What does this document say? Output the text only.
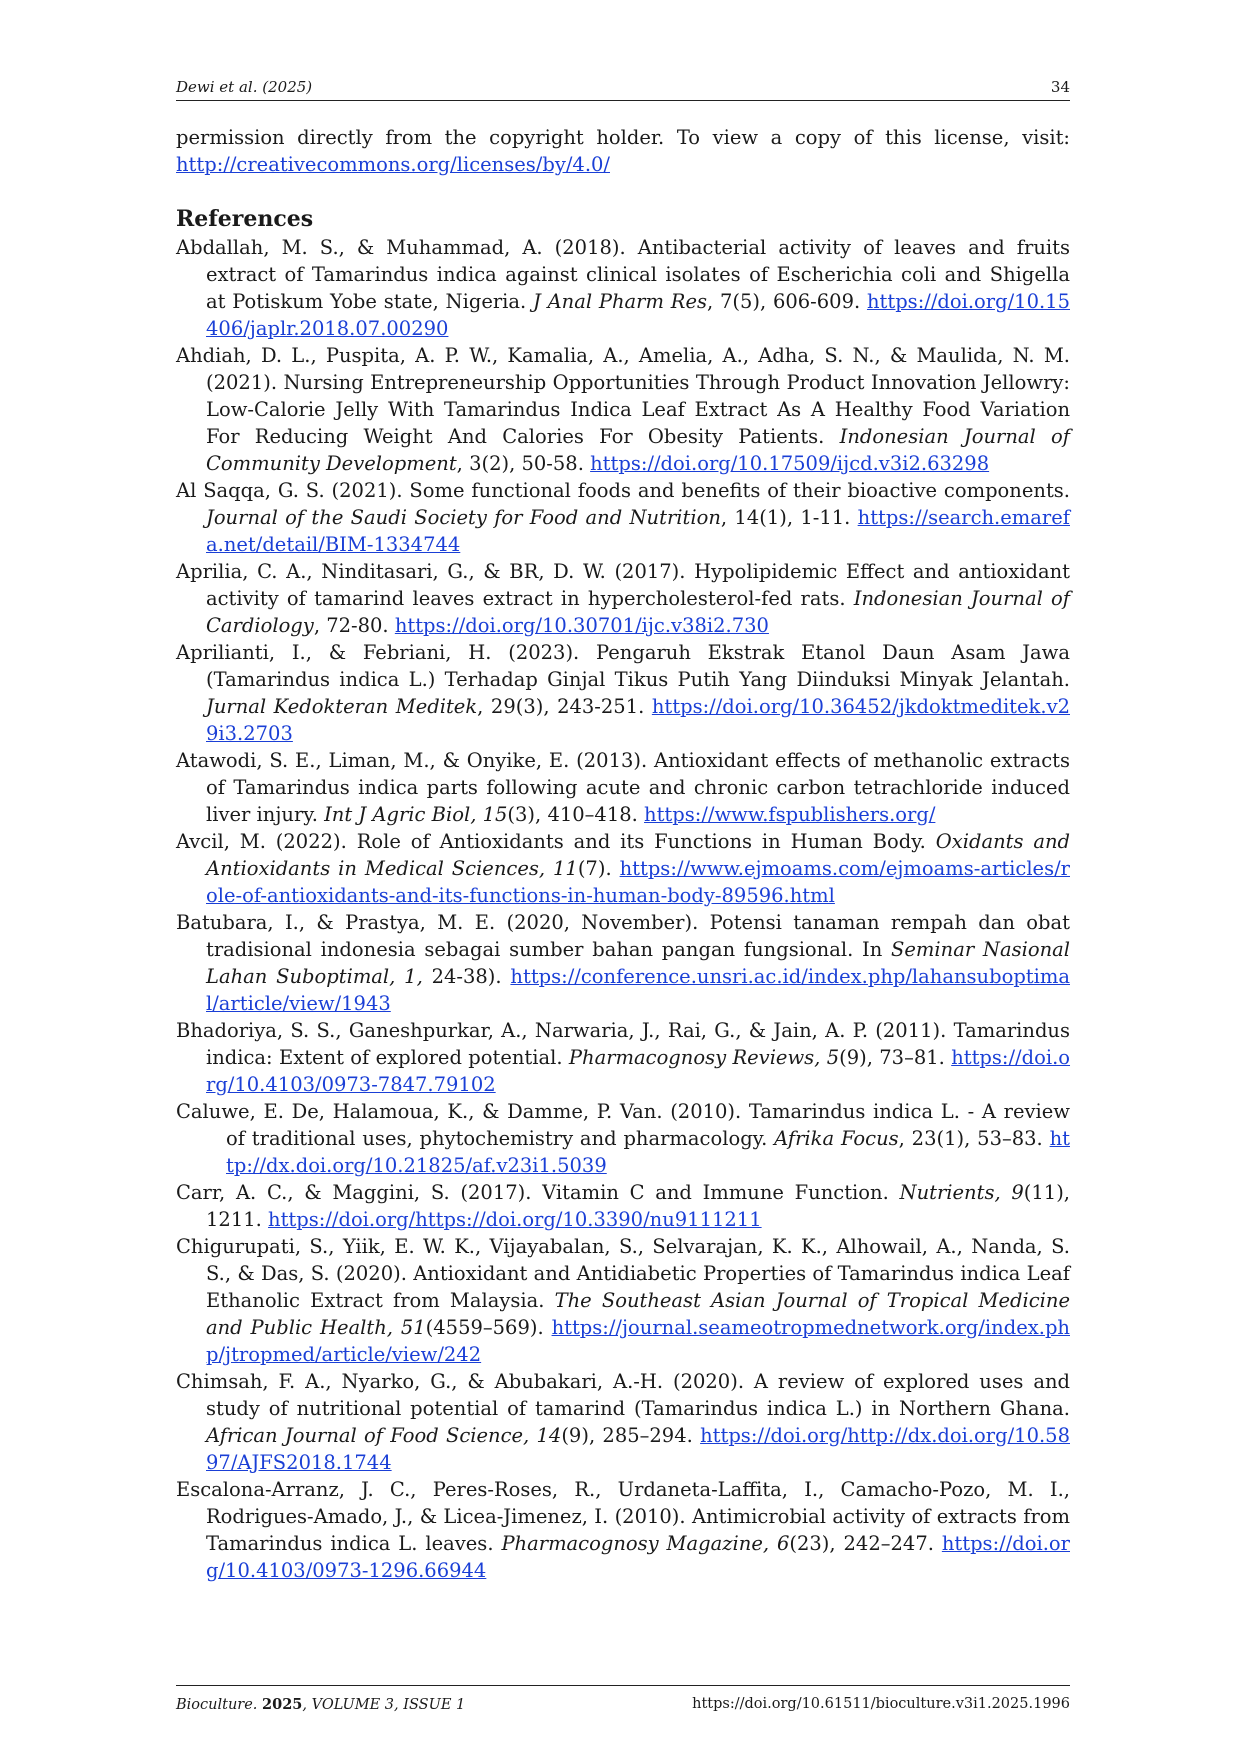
Dewi et al. (2025)	34
permission directly from the copyright holder. To view a copy of this license, visit: http://creativecommons.org/licenses/by/4.0/
References

Abdallah, M. S., & Muhammad, A. (2018). Antibacterial activity of leaves and fruits extract of Tamarindus indica against clinical isolates of Escherichia coli and Shigella at Potiskum Yobe state, Nigeria. J Anal Pharm Res, 7(5), 606-609. https://doi.org/10.15406/japlr.2018.07.00290

Ahdiah, D. L., Puspita, A. P. W., Kamalia, A., Amelia, A., Adha, S. N., & Maulida, N. M. (2021). Nursing Entrepreneurship Opportunities Through Product Innovation Jellowry: Low-Calorie Jelly With Tamarindus Indica Leaf Extract As A Healthy Food Variation For Reducing Weight And Calories For Obesity Patients. Indonesian Journal of Community Development, 3(2), 50-58. https://doi.org/10.17509/ijcd.v3i2.63298

Al Saqqa, G. S. (2021). Some functional foods and benefits of their bioactive components. Journal of the Saudi Society for Food and Nutrition, 14(1), 1-11. https://search.emarefa.net/detail/BIM-1334744

Aprilia, C. A., Ninditasari, G., & BR, D. W. (2017). Hypolipidemic Effect and antioxidant activity of tamarind leaves extract in hypercholesterol-fed rats. Indonesian Journal of Cardiology, 72-80. https://doi.org/10.30701/ijc.v38i2.730

Aprilianti, I., & Febriani, H. (2023). Pengaruh Ekstrak Etanol Daun Asam Jawa (Tamarindus indica L.) Terhadap Ginjal Tikus Putih Yang Diinduksi Minyak Jelantah. Jurnal Kedokteran Meditek, 29(3), 243-251. https://doi.org/10.36452/jkdoktmeditek.v29i3.2703

Atawodi, S. E., Liman, M., & Onyike, E. (2013). Antioxidant effects of methanolic extracts of Tamarindus indica parts following acute and chronic carbon tetrachloride induced liver injury. Int J Agric Biol, 15(3), 410–418. https://www.fspublishers.org/

Avcil, M. (2022). Role of Antioxidants and its Functions in Human Body. Oxidants and Antioxidants in Medical Sciences, 11(7). https://www.ejmoams.com/ejmoams-articles/role-of-antioxidants-and-its-functions-in-human-body-89596.html

Batubara, I., & Prastya, M. E. (2020, November). Potensi tanaman rempah dan obat tradisional indonesia sebagai sumber bahan pangan fungsional. In Seminar Nasional Lahan Suboptimal, 1, 24-38). https://conference.unsri.ac.id/index.php/lahansuboptimal/article/view/1943

Bhadoriya, S. S., Ganeshpurkar, A., Narwaria, J., Rai, G., & Jain, A. P. (2011). Tamarindus indica: Extent of explored potential. Pharmacognosy Reviews, 5(9), 73–81. https://doi.org/10.4103/0973-7847.79102

Caluwe, E. De, Halamoua, K., & Damme, P. Van. (2010). Tamarindus indica L. - A review of traditional uses, phytochemistry and pharmacology. Afrika Focus, 23(1), 53–83. http://dx.doi.org/10.21825/af.v23i1.5039

Carr, A. C., & Maggini, S. (2017). Vitamin C and Immune Function. Nutrients, 9(11), 1211. https://doi.org/https://doi.org/10.3390/nu9111211

Chigurupati, S., Yiik, E. W. K., Vijayabalan, S., Selvarajan, K. K., Alhowail, A., Nanda, S. S., & Das, S. (2020). Antioxidant and Antidiabetic Properties of Tamarindus indica Leaf Ethanolic Extract from Malaysia. The Southeast Asian Journal of Tropical Medicine and Public Health, 51(4559–569). https://journal.seameotropmednetwork.org/index.php/jtropmed/article/view/242

Chimsah, F. A., Nyarko, G., & Abubakari, A.-H. (2020). A review of explored uses and study of nutritional potential of tamarind (Tamarindus indica L.) in Northern Ghana. African Journal of Food Science, 14(9), 285–294. https://doi.org/http://dx.doi.org/10.5897/AJFS2018.1744

Escalona-Arranz, J. C., Peres-Roses, R., Urdaneta-Laffita, I., Camacho-Pozo, M. I., Rodrigues-Amado, J., & Licea-Jimenez, I. (2010). Antimicrobial activity of extracts from Tamarindus indica L. leaves. Pharmacognosy Magazine, 6(23), 242–247. https://doi.org/10.4103/0973-1296.66944

Bioculture. 2025, VOLUME 3, ISSUE 1	https://doi.org/10.61511/bioculture.v3i1.2025.1996
